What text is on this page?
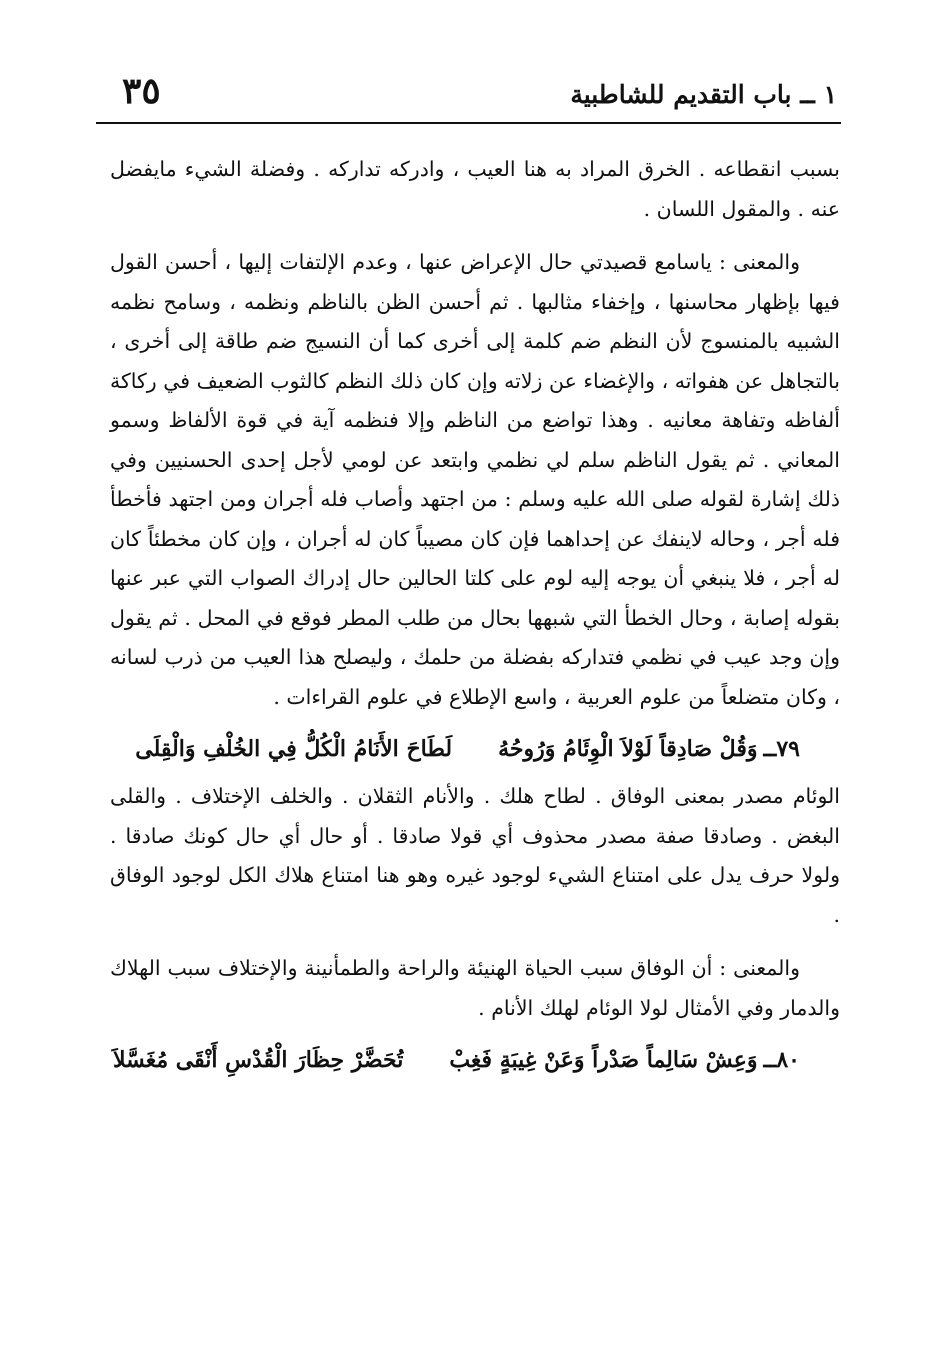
١ ــ باب التقديم للشاطبية
٣٥

بسبب انقطاعه . الخرق المراد به هنا العيب ، وادركه تداركه . وفضلة الشيء مايفضل عنه . والمقول اللسان .

والمعنى : ياسامع قصيدتي حال الإعراض عنها ، وعدم الإلتفات إليها ، أحسن القول فيها بإظهار محاسنها ، وإخفاء مثالبها . ثم أحسن الظن بالناظم ونظمه ، وسامح نظمه الشبيه بالمنسوج لأن النظم ضم كلمة إلى أخرى كما أن النسيج ضم طاقة إلى أخرى ، بالتجاهل عن هفواته ، والإغضاء عن زلاته وإن كان ذلك النظم كالثوب الضعيف في ركاكة ألفاظه وتفاهة معانيه . وهذا تواضع من الناظم وإلا فنظمه آية في قوة الألفاظ وسمو المعاني . ثم يقول الناظم سلم لي نظمي وابتعد عن لومي لأجل إحدى الحسنيين وفي ذلك إشارة لقوله صلى الله عليه وسلم : من اجتهد وأصاب فله أجران ومن اجتهد فأخطأ فله أجر ، وحاله لاينفك عن إحداهما فإن كان مصيباً كان له أجران ، وإن كان مخطئاً كان له أجر ، فلا ينبغي أن يوجه إليه لوم على كلتا الحالين حال إدراك الصواب التي عبر عنها بقوله إصابة ، وحال الخطأ التي شبهها بحال من طلب المطر فوقع في المحل . ثم يقول وإن وجد عيب في نظمي فتداركه بفضلة من حلمك ، وليصلح هذا العيب من ذرب لسانه ، وكان متضلعاً من علوم العربية ، واسع الإطلاع في علوم القراءات .

٧٩ــ
وَقُلْ صَادِقاً لَوْلاَ الْوِئَامُ وَرُوحُهُ
لَطَاحَ الأَنَامُ الْكُلُّ فِي الخُلْفِ وَالْقِلَى

الوئام مصدر بمعنى الوفاق . لطاح هلك . والأنام الثقلان . والخلف الإختلاف . والقلى البغض . وصادقا صفة مصدر محذوف أي قولا صادقا . أو حال أي حال كونك صادقا . ولولا حرف يدل على امتناع الشيء لوجود غيره وهو هنا امتناع هلاك الكل لوجود الوفاق .

والمعنى : أن الوفاق سبب الحياة الهنيئة والراحة والطمأنينة والإختلاف سبب الهلاك والدمار وفي الأمثال لولا الوئام لهلك الأنام .

٨٠ــ
وَعِشْ سَالِماً صَدْراً وَعَنْ غِيبَةٍ فَغِبْ
تُحَضَّرْ حِظَارَ الْقُدْسِ أَنْقَى مُغَسَّلاَ
